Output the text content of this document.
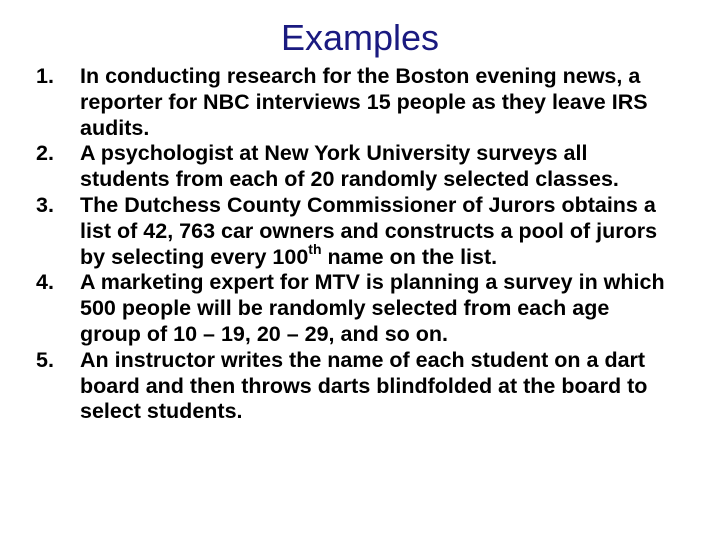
Examples
1.	In conducting research for the Boston evening news, a reporter for NBC interviews 15 people as they leave IRS audits.
2.	A psychologist at New York University surveys all students from each of 20 randomly selected classes.
3.	The Dutchess County Commissioner of Jurors obtains a list of 42, 763 car owners and constructs a pool of jurors by selecting every 100th name on the list.
4.	A marketing expert for MTV is planning a survey in which 500 people will be randomly selected from each age group of 10 – 19, 20 – 29, and so on.
5.	An instructor writes the name of each student on a dart board and then throws darts blindfolded at the board to select students.
